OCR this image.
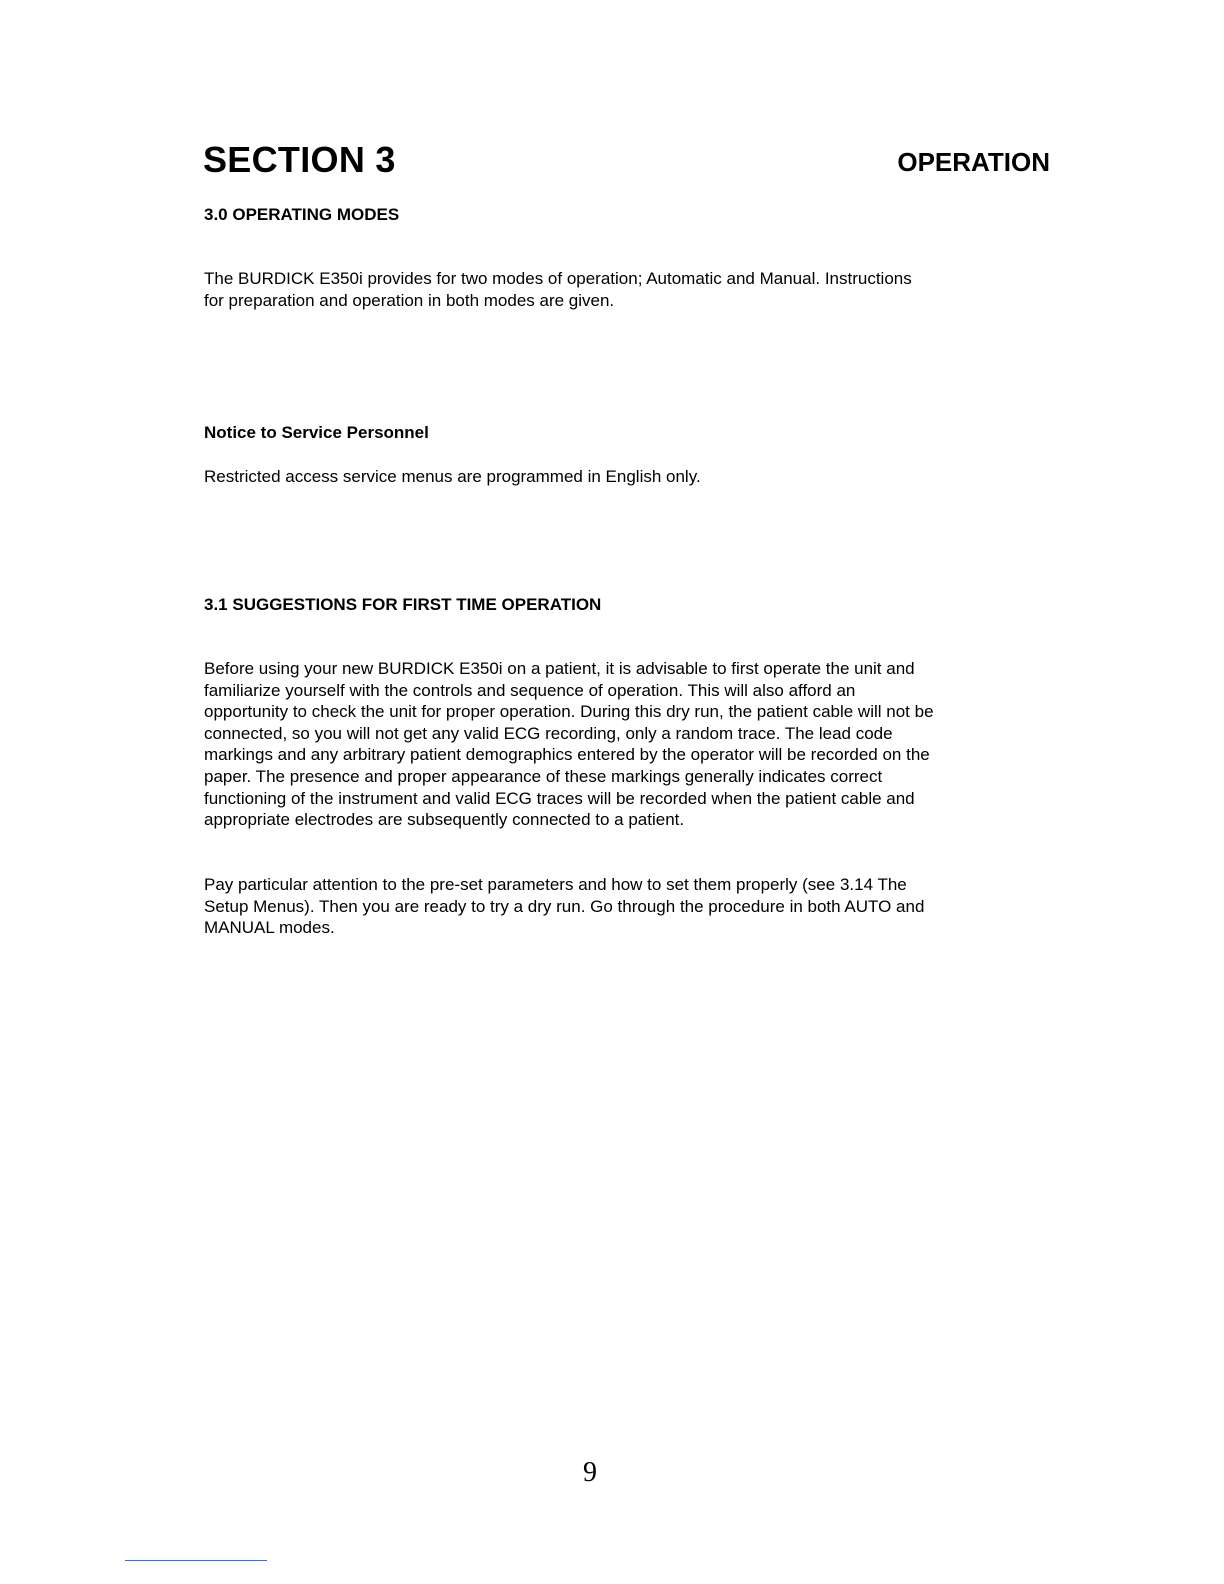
SECTION 3	OPERATION
3.0 OPERATING MODES
The BURDICK E350i provides for two modes of operation; Automatic and Manual. Instructions
for preparation and operation in both modes are given.
Notice to Service Personnel

Restricted access service menus are programmed in English only.

3.1 SUGGESTIONS FOR FIRST TIME OPERATION
Before using your new BURDICK E350i on a patient, it is advisable to first operate the unit and
familiarize yourself with the controls and sequence of operation. This will also afford an
opportunity to check the unit for proper operation. During this dry run, the patient cable will not be
connected, so you will not get any valid ECG recording, only a random trace. The lead code
markings and any arbitrary patient demographics entered by the operator will be recorded on the
paper. The presence and proper appearance of these markings generally indicates correct
functioning of the instrument and valid ECG traces will be recorded when the patient cable and
appropriate electrodes are subsequently connected to a patient.
Pay particular attention to the pre-set parameters and how to set them properly (see 3.14 The
Setup Menus). Then you are ready to try a dry run. Go through the procedure in both AUTO and
MANUAL modes.
9
